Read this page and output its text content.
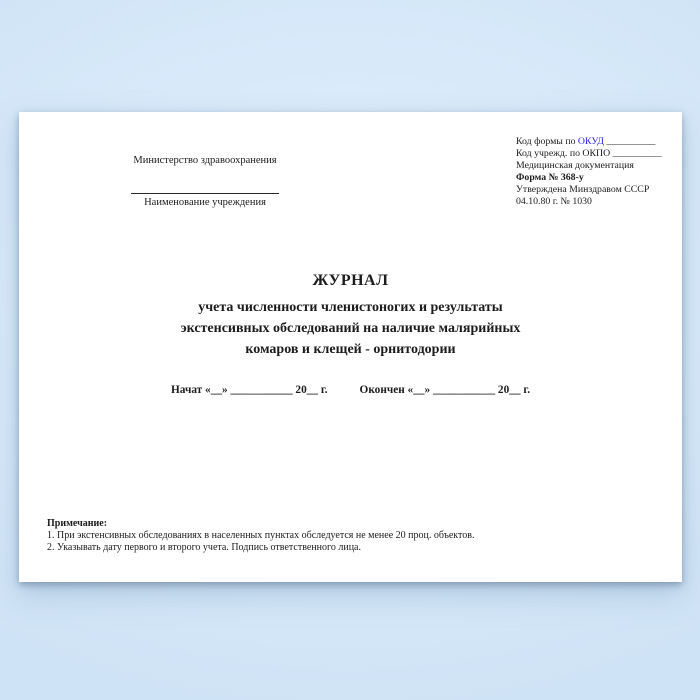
Министерство здравоохранения
Наименование учреждения
Код формы по ОКУД __________
Код учрежд. по ОКПО __________
Медицинская документация
Форма № 368-у
Утверждена Минздравом СССР
04.10.80 г. № 1030
ЖУРНАЛ
учета численности членистоногих и результаты
экстенсивных обследований на наличие малярийных
комаров и клещей - орнитодории
Начат «__» ___________ 20__ г.	Окончен «__» ___________ 20__ г.
Примечание:
1. При экстенсивных обследованиях в населенных пунктах обследуется не менее 20 проц. объектов.
2. Указывать дату первого и второго учета. Подпись ответственного лица.
